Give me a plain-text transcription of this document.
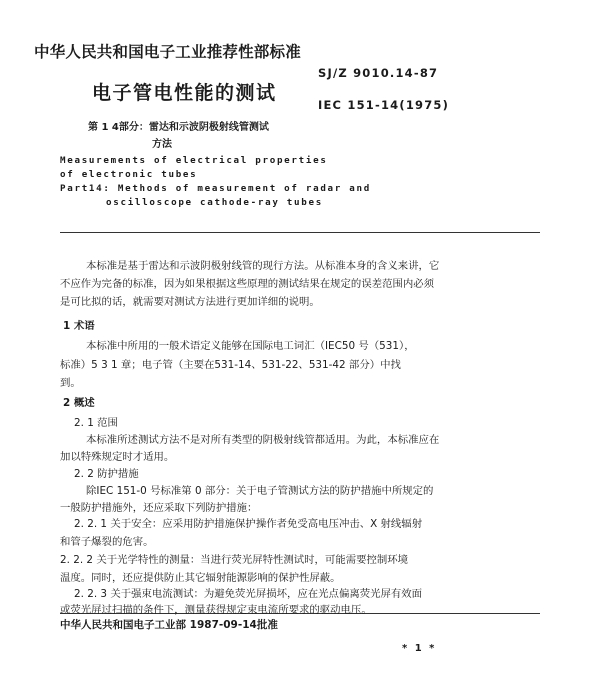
中华人民共和国电子工业推荐性部标准
SJ/Z 9010.14-87
电子管电性能的测试
IEC 151-14(1975)
第 1 4部分：雷达和示波阴极射线管测试
方法
Measurements of electrical properties
of electronic tubes
Part14: Methods of measurement of radar and
oscilloscope cathode-ray tubes
本标准是基于雷达和示波阴极射线管的现行方法。从标准本身的含义来讲，它
不应作为完备的标准，因为如果根据这些原理的测试结果在规定的误差范围内必须
是可比拟的话，就需要对测试方法进行更加详细的说明。
1 术语
本标准中所用的一般术语定义能够在国际电工词汇（IEC50 号（531），
标准）5 3 1 章；电子管（主要在531-14、531-22、531-42 部分）中找
到。
2 概述
2. 1 范围
本标准所述测试方法不是对所有类型的阴极射线管都适用。为此，本标准应在
加以特殊规定时才适用。
2. 2 防护措施
除IEC 151-0 号标准第 0 部分：关于电子管测试方法的防护措施中所规定的
一般防护措施外，还应采取下列防护措施：
2. 2. 1 关于安全：应采用防护措施保护操作者免受高电压冲击、X 射线辐射
和管子爆裂的危害。
2. 2. 2 关于光学特性的测量：当进行荧光屏特性测试时，可能需要控制环境
温度。同时，还应提供防止其它辐射能源影响的保护性屏蔽。
2. 2. 3 关于强束电流测试：为避免荧光屏损坏，应在光点偏离荧光屏有效面
中华人民共和国电子工业部 1987-09-14批准
* 1 *
或荧光屏过扫描的条件下，测量获得规定束电流所要求的驱动电压。
